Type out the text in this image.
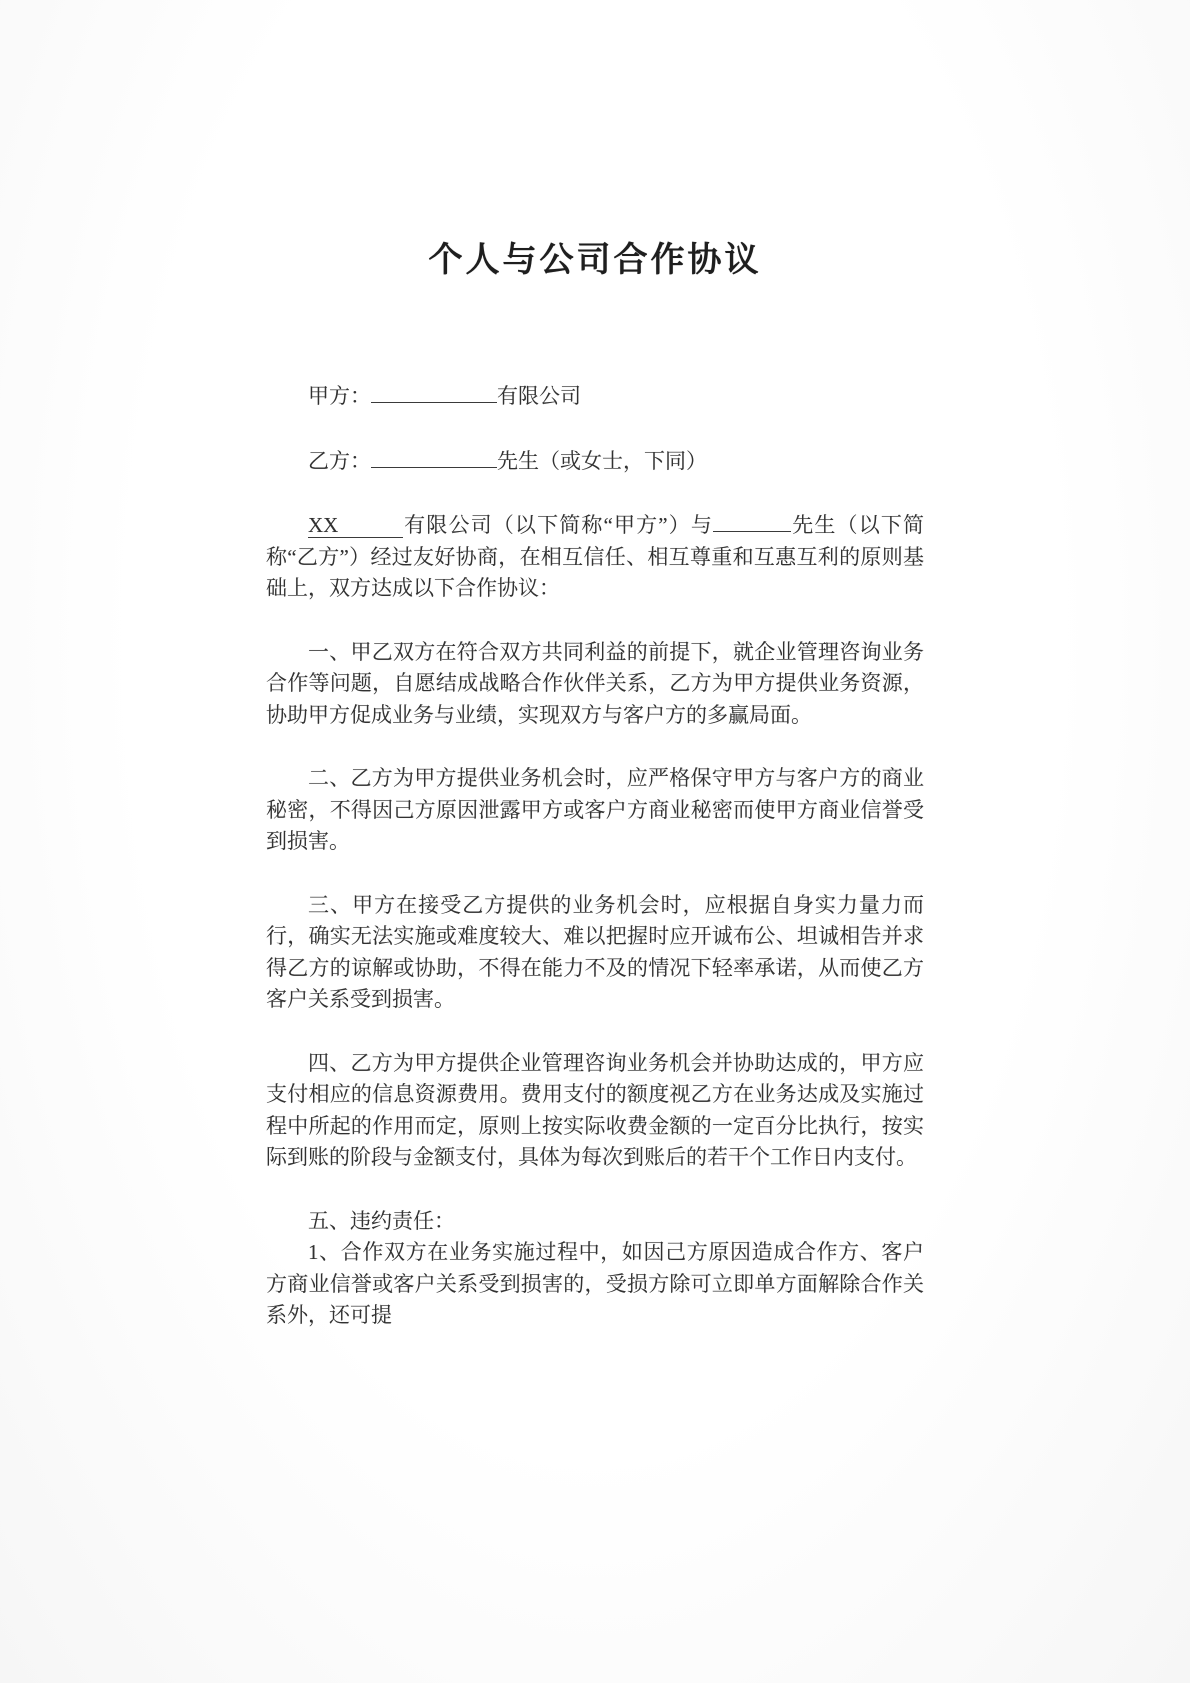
个人与公司合作协议

甲方：	有限公司

乙方：	先生（或女士，下同）

XX	有限公司（以下简称“甲方”）与	先生（以下简称“乙方”）经过友好协商，在相互信任、相互尊重和互惠互利的原则基础上，双方达成以下合作协议：

一、甲乙双方在符合双方共同利益的前提下，就企业管理咨询业务合作等问题，自愿结成战略合作伙伴关系，乙方为甲方提供业务资源，协助甲方促成业务与业绩，实现双方与客户方的多赢局面。

二、乙方为甲方提供业务机会时，应严格保守甲方与客户方的商业秘密，不得因己方原因泄露甲方或客户方商业秘密而使甲方商业信誉受到损害。

三、甲方在接受乙方提供的业务机会时，应根据自身实力量力而行，确实无法实施或难度较大、难以把握时应开诚布公、坦诚相告并求得乙方的谅解或协助，不得在能力不及的情况下轻率承诺，从而使乙方客户关系受到损害。

四、乙方为甲方提供企业管理咨询业务机会并协助达成的，甲方应支付相应的信息资源费用。费用支付的额度视乙方在业务达成及实施过程中所起的作用而定，原则上按实际收费金额的一定百分比执行，按实际到账的阶段与金额支付，具体为每次到账后的若干个工作日内支付。

五、违约责任：

1、合作双方在业务实施过程中，如因己方原因造成合作方、客户方商业信誉或客户关系受到损害的，受损方除可立即单方面解除合作关系外，还可提
